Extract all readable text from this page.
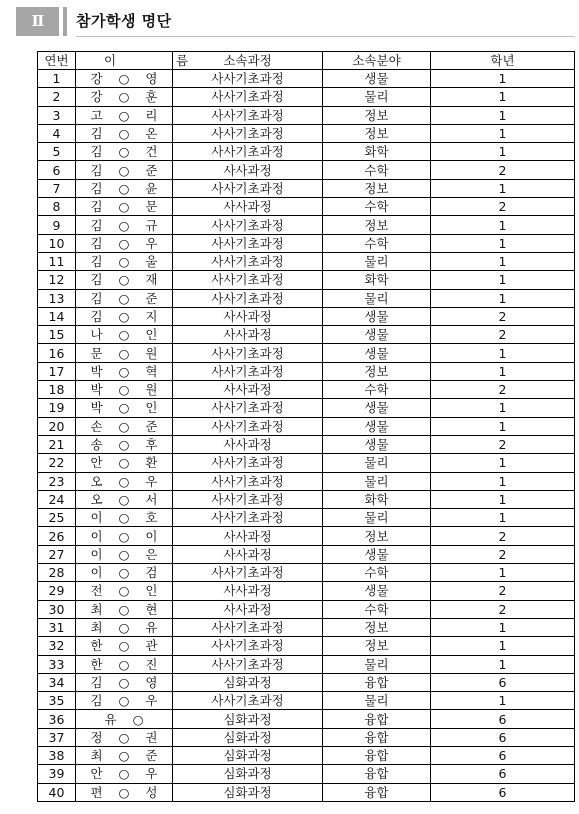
Ⅱ	참가학생 명단
연번	이 름	소속과정	소속분야	학년
1	강 ○ 영	사사기초과정	생물	1
2	강 ○ 훈	사사기초과정	물리	1
3	고 ○ 리	사사기초과정	정보	1
4	김 ○ 온	사사기초과정	정보	1
5	김 ○ 건	사사기초과정	화학	1
6	김 ○ 준	사사과정	수학	2
7	김 ○ 윤	사사기초과정	정보	1
8	김 ○ 문	사사과정	수학	2
9	김 ○ 규	사사기초과정	정보	1
10	김 ○ 우	사사기초과정	수학	1
11	김 ○ 울	사사기초과정	물리	1
12	김 ○ 재	사사기초과정	화학	1
13	김 ○ 준	사사기초과정	물리	1
14	김 ○ 지	사사과정	생물	2
15	나 ○ 인	사사과정	생물	2
16	문 ○ 원	사사기초과정	생물	1
17	박 ○ 혁	사사기초과정	정보	1
18	박 ○ 원	사사과정	수학	2
19	박 ○ 인	사사기초과정	생물	1
20	손 ○ 준	사사기초과정	생물	1
21	송 ○ 후	사사과정	생물	2
22	안 ○ 환	사사기초과정	물리	1
23	오 ○ 우	사사기초과정	물리	1
24	오 ○ 서	사사기초과정	화학	1
25	이 ○ 호	사사기초과정	물리	1
26	이 ○ 이	사사과정	정보	2
27	이 ○ 은	사사과정	생물	2
28	이 ○ 검	사사기초과정	수학	1
29	전 ○ 인	사사과정	생물	2
30	최 ○ 현	사사과정	수학	2
31	최 ○ 유	사사기초과정	정보	1
32	한 ○ 관	사사기초과정	정보	1
33	한 ○ 진	사사기초과정	물리	1
34	김 ○ 영	심화과정	융합	6
35	김 ○ 우	사사기초과정	물리	1
36	유 ○	심화과정	융합	6
37	정 ○ 권	심화과정	융합	6
38	최 ○ 준	심화과정	융합	6
39	안 ○ 우	심화과정	융합	6
40	편 ○ 성	심화과정	융합	6
